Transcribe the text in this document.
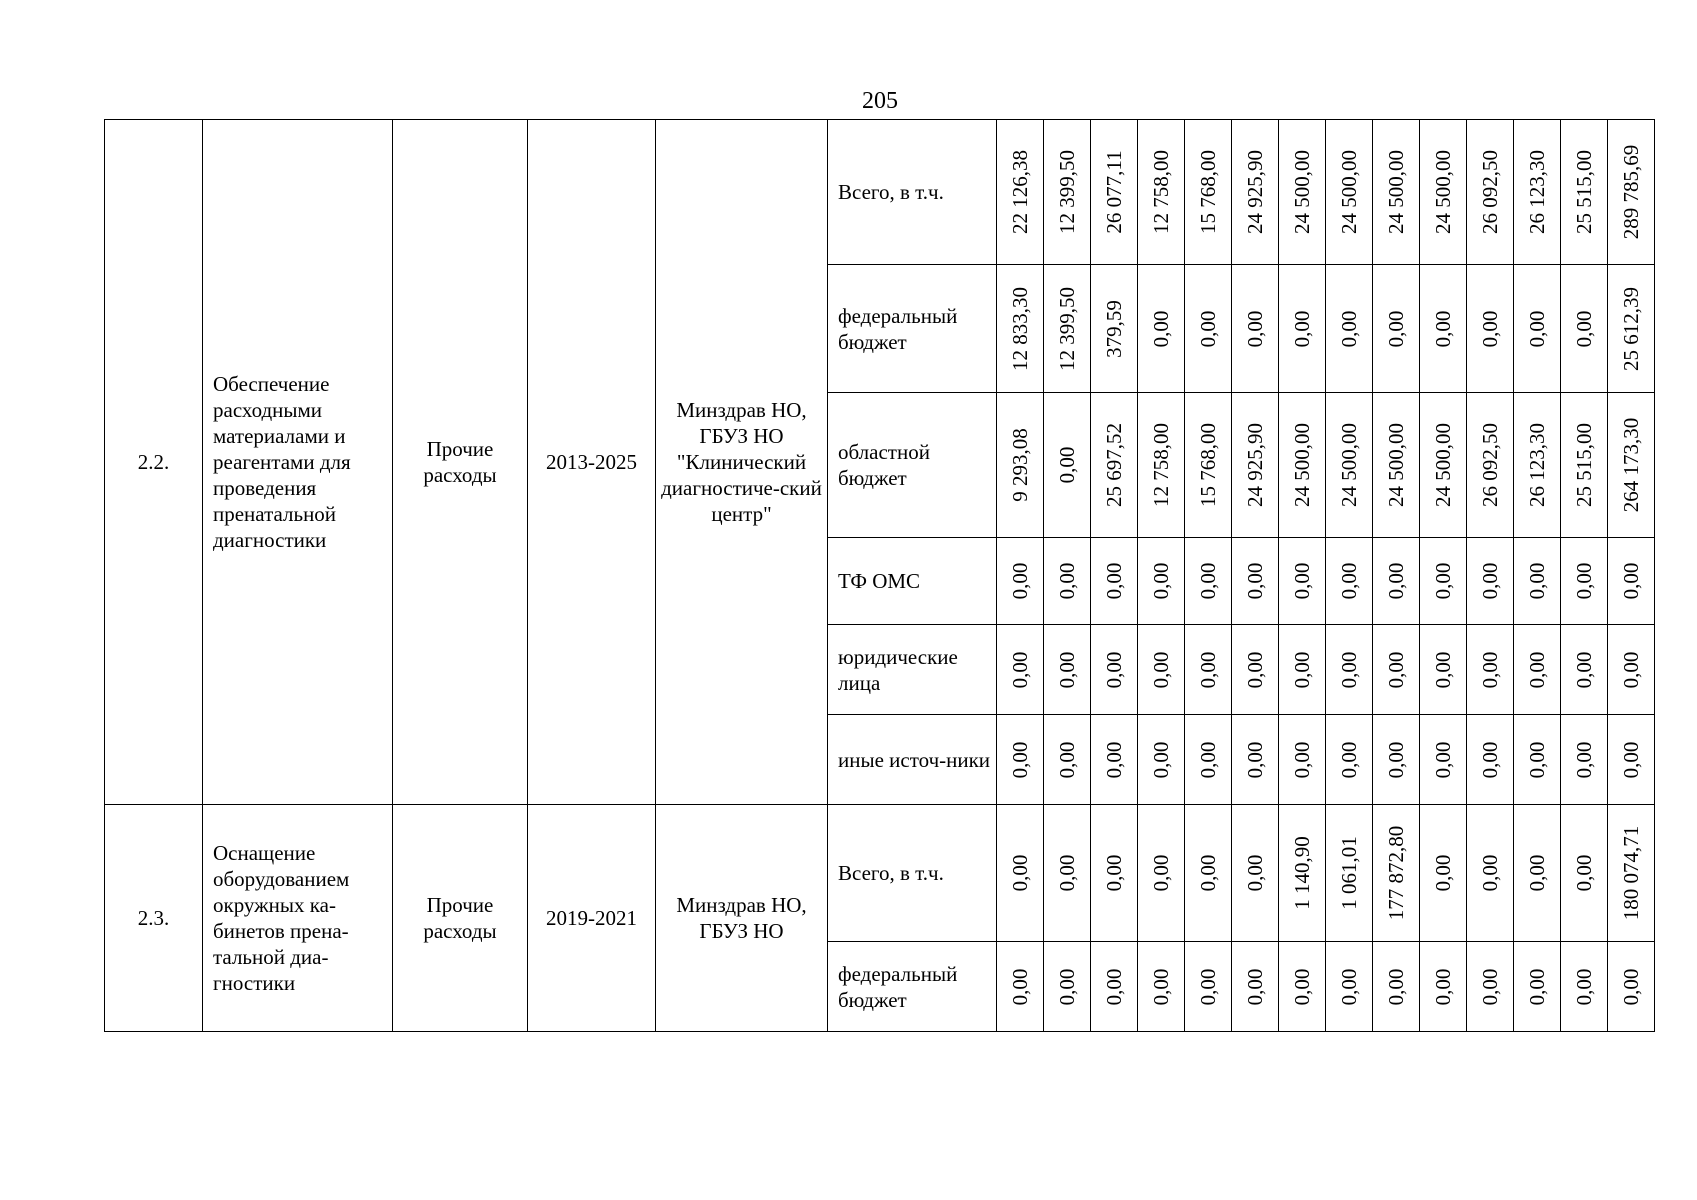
205
2.2.	Обеспечение расходными материалами и реагентами для проведения пренатальной диагностики	Прочие расходы	2013-2025	Минздрав НО, ГБУЗ НО "Клинический диагностиче-ский центр"	Всего, в т.ч.	22 126,38	12 399,50	26 077,11	12 758,00	15 768,00	24 925,90	24 500,00	24 500,00	24 500,00	24 500,00	26 092,50	26 123,30	25 515,00	289 785,69

					федеральный бюджет	12 833,30	12 399,50	379,59	0,00	0,00	0,00	0,00	0,00	0,00	0,00	0,00	0,00	0,00	25 612,39

					областной бюджет	9 293,08	0,00	25 697,52	12 758,00	15 768,00	24 925,90	24 500,00	24 500,00	24 500,00	24 500,00	26 092,50	26 123,30	25 515,00	264 173,30

					ТФ ОМС	0,00	0,00	0,00	0,00	0,00	0,00	0,00	0,00	0,00	0,00	0,00	0,00	0,00	0,00

					юридические лица	0,00	0,00	0,00	0,00	0,00	0,00	0,00	0,00	0,00	0,00	0,00	0,00	0,00	0,00

					иные источ-ники	0,00	0,00	0,00	0,00	0,00	0,00	0,00	0,00	0,00	0,00	0,00	0,00	0,00	0,00

2.3.	Оснащение оборудованием окружных ка-бинетов прена-тальной диа-гностики	Прочие расходы	2019-2021	Минздрав НО, ГБУЗ НО	Всего, в т.ч.	0,00	0,00	0,00	0,00	0,00	0,00	1 140,90	1 061,01	177 872,80	0,00	0,00	0,00	0,00	180 074,71

					федеральный бюджет	0,00	0,00	0,00	0,00	0,00	0,00	0,00	0,00	0,00	0,00	0,00	0,00	0,00	0,00
